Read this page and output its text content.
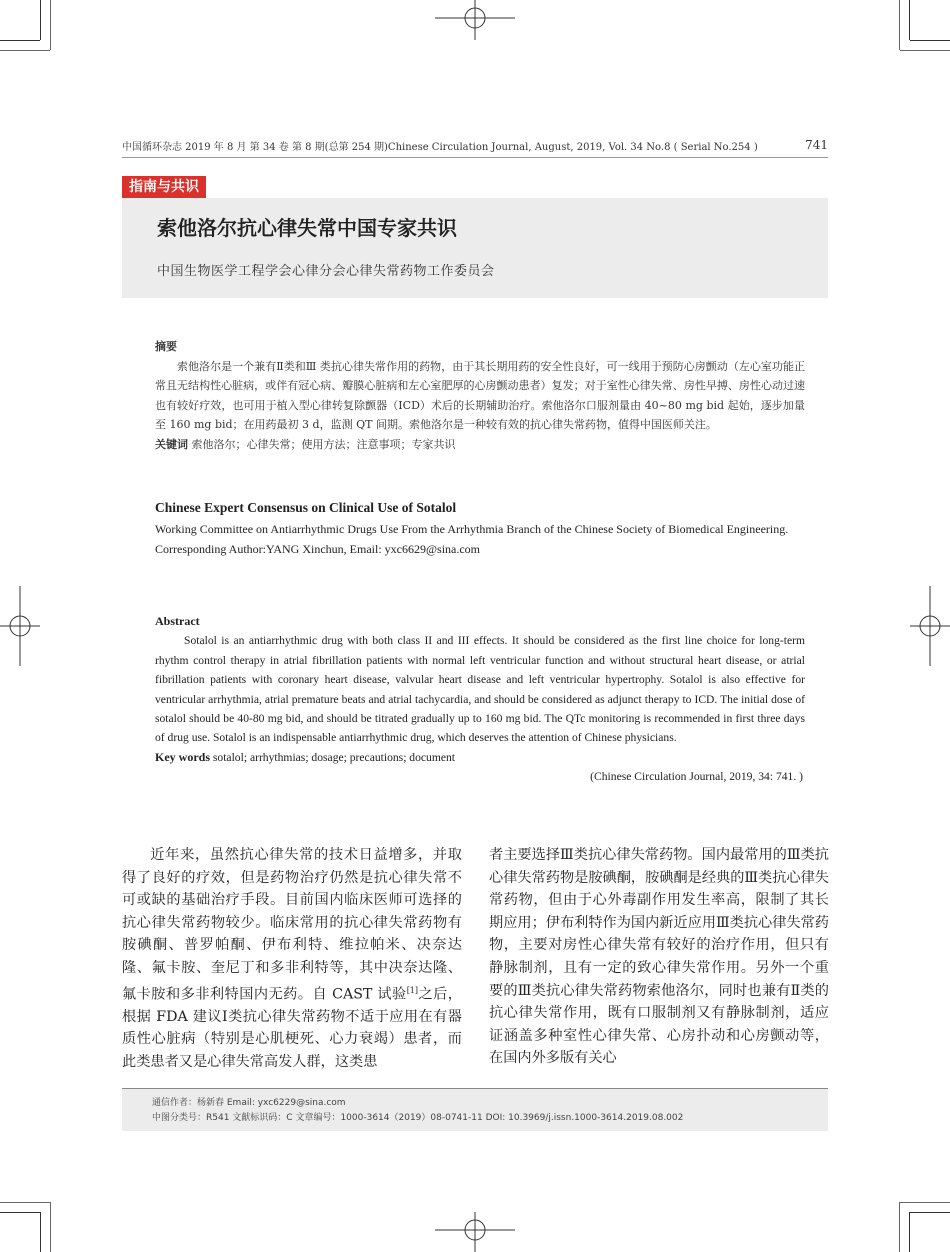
中国循环杂志 2019 年 8 月 第 34 卷 第 8 期(总第 254 期)Chinese Circulation Journal, August, 2019, Vol. 34 No.8 ( Serial No.254 )	741
指南与共识
索他洛尔抗心律失常中国专家共识
中国生物医学工程学会心律分会心律失常药物工作委员会
摘要

索他洛尔是一个兼有Ⅱ类和Ⅲ 类抗心律失常作用的药物，由于其长期用药的安全性良好，可一线用于预防心房颤动（左心室功能正常且无结构性心脏病，或伴有冠心病、瓣膜心脏病和左心室肥厚的心房颤动患者）复发；对于室性心律失常、房性早搏、房性心动过速也有较好疗效，也可用于植入型心律转复除颤器（ICD）术后的长期辅助治疗。索他洛尔口服剂量由 40~80 mg bid 起始，逐步加量至 160 mg bid；在用药最初 3 d，监测 QT 间期。索他洛尔是一种较有效的抗心律失常药物，值得中国医师关注。

关键词 索他洛尔；心律失常；使用方法；注意事项；专家共识
Chinese Expert Consensus on Clinical Use of Sotalol
Working Committee on Antiarrhythmic Drugs Use From the Arrhythmia Branch of the Chinese Society of Biomedical Engineering.
Corresponding Author:YANG Xinchun, Email: yxc6629@sina.com
Abstract

Sotalol is an antiarrhythmic drug with both class II and III effects. It should be considered as the first line choice for long-term rhythm control therapy in atrial fibrillation patients with normal left ventricular function and without structural heart disease, or atrial fibrillation patients with coronary heart disease, valvular heart disease and left ventricular hypertrophy. Sotalol is also effective for ventricular arrhythmia, atrial premature beats and atrial tachycardia, and should be considered as adjunct therapy to ICD. The initial dose of sotalol should be 40-80 mg bid, and should be titrated gradually up to 160 mg bid. The QTc monitoring is recommended in first three days of drug use. Sotalol is an indispensable antiarrhythmic drug, which deserves the attention of Chinese physicians.

Key words sotalol; arrhythmias; dosage; precautions; document
(Chinese Circulation Journal, 2019, 34: 741. )

近年来，虽然抗心律失常的技术日益增多，并取得了良好的疗效，但是药物治疗仍然是抗心律失常不可或缺的基础治疗手段。目前国内临床医师可选择的抗心律失常药物较少。临床常用的抗心律失常药物有胺碘酮、普罗帕酮、伊布利特、维拉帕米、决奈达隆、氟卡胺、奎尼丁和多非利特等，其中决奈达隆、氟卡胺和多非利特国内无药。自 CAST 试验[1]之后，根据 FDA 建议Ⅰ类抗心律失常药物不适于应用在有器质性心脏病（特别是心肌梗死、心力衰竭）患者，而此类患者又是心律失常高发人群，这类患

者主要选择Ⅲ类抗心律失常药物。国内最常用的Ⅲ类抗心律失常药物是胺碘酮，胺碘酮是经典的Ⅲ类抗心律失常药物，但由于心外毒副作用发生率高，限制了其长期应用；伊布利特作为国内新近应用Ⅲ类抗心律失常药物，主要对房性心律失常有较好的治疗作用，但只有静脉制剂，且有一定的致心律失常作用。另外一个重要的Ⅲ类抗心律失常药物索他洛尔，同时也兼有Ⅱ类的抗心律失常作用，既有口服制剂又有静脉制剂，适应证涵盖多种室性心律失常、心房扑动和心房颤动等，在国内外多版有关心

通信作者：杨新春 Email: yxc6229@sina.com
中图分类号：R541 文献标识码：C 文章编号：1000-3614（2019）08-0741-11 DOI: 10.3969/j.issn.1000-3614.2019.08.002
